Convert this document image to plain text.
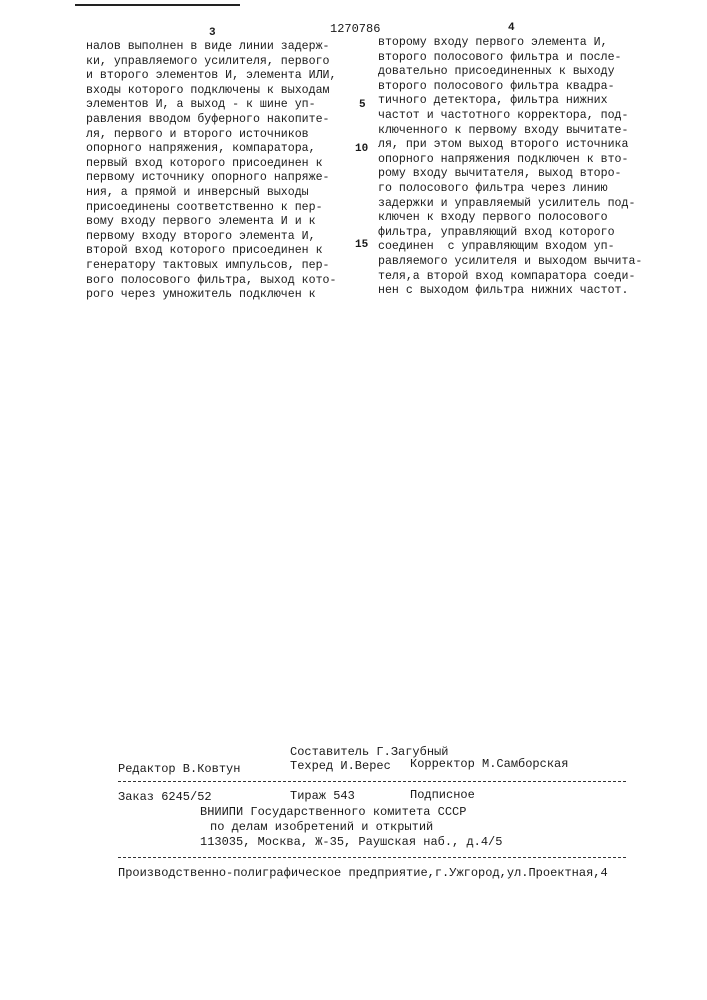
3	1270786	4
налов выполнен в виде линии задерж-
ки, управляемого усилителя, первого
и второго элементов И, элемента ИЛИ,
входы которого подключены к выходам
элементов И, а выход - к шине уп-
равления вводом буферного накопите-
ля, первого и второго источников
опорного напряжения, компаратора,
первый вход которого присоединен к
первому источнику опорного напряже-
ния, а прямой и инверсный выходы
присоединены соответственно к пер-
вому входу первого элемента И и к
первому входу второго элемента И,
второй вход которого присоединен к
генератору тактовых импульсов, пер-
вого полосового фильтра, выход кото-
рого через умножитель подключен к
второму входу первого элемента И,
второго полосового фильтра и после-
довательно присоединенных к выходу
второго полосового фильтра квадра-
тичного детектора, фильтра нижних
частот и частотного корректора, под-
ключенного к первому входу вычитате-
ля, при этом выход второго источника
опорного напряжения подключен к вто-
рому входу вычитателя, выход второ-
го полосового фильтра через линию
задержки и управляемый усилитель под-
ключен к входу первого полосового
фильтра, управляющий вход которого
соединен  с управляющим входом уп-
равляемого усилителя и выходом вычита-
теля,а второй вход компаратора соеди-
нен с выходом фильтра нижних частот.
5
10
15
Составитель Г.Загубный
Редактор В.Ковтун	Техред И.Верес Корректор М.Самборская
Заказ 6245/52	Тираж 543	Подписное
ВНИИПИ Государственного комитета СССР
по делам изобретений и открытий
113035, Москва, Ж-35, Раушская наб., д.4/5
Производственно-полиграфическое предприятие,г.Ужгород,ул.Проектная,4
